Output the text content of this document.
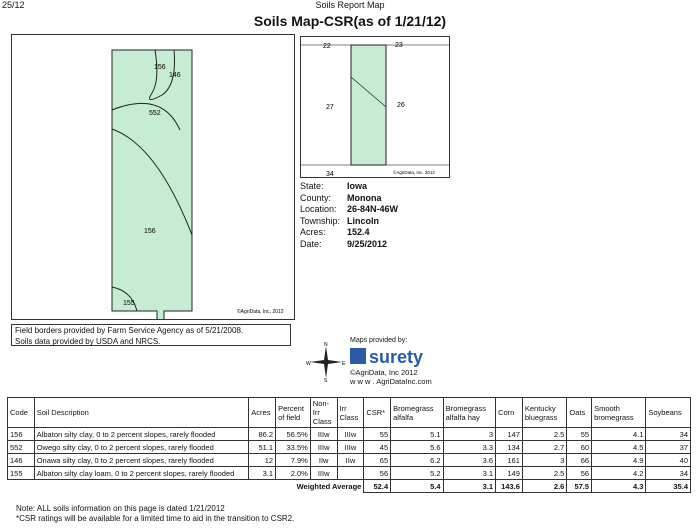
25/12	Soils Report Map
Soils Map-CSR(as of 1/21/12)
156
146
552
156
155
©AgriData, Inc. 2012
22	23
27	26
34	©AgriData, Inc. 2012
State:	Iowa
County:	Monona
Location:	26-84N-46W
Township: Lincoln
Acres:	152.4
Date:	9/25/2012
Field borders provided by Farm Service Agency as of 5/21/2008.
Soils data provided by USDA and NRCS.	N
S
E
W
Maps provided by:
surety
©AgriData, Inc 2012
w w w . AgriDataInc.com
Code	Soil Description	Acres	Percent of field	Non-Irr Class	Irr Class	CSR*	Bromegrass alfalfa	Bromegrass alfalfa hay	Corn	Kentucky bluegrass	Oats	Smooth bromegrass	Soybeans
156	Albaton silty clay, 0 to 2 percent slopes, rarely flooded	86.2	56.5%	IIIw	IIIw	55	5.1	3	147	2.5	55	4.1	34
552	Owego silty clay, 0 to 2 percent slopes, rarely flooded	51.1	33.5%	IIIw	IIIw	45	5.6	3.3	134	2.7	60	4.5	37
146	Onawa silty clay, 0 to 2 percent slopes, rarely flooded	12	7.9%	IIw	IIw	65	6.2	3.6	161	3	66	4.9	40
155	Albaton silty clay loam, 0 to 2 percent slopes, rarely flooded	3.1	2.0%	IIIw		56	5.2	3.1	149	2.5	56	4.2	34
Weighted Average						52.4	5.4	3.1	143.6	2.6	57.5	4.3	35.4
Note: ALL soils information on this page is dated 1/21/2012
*CSR ratings will be available for a limited time to aid in the transition to CSR2.
